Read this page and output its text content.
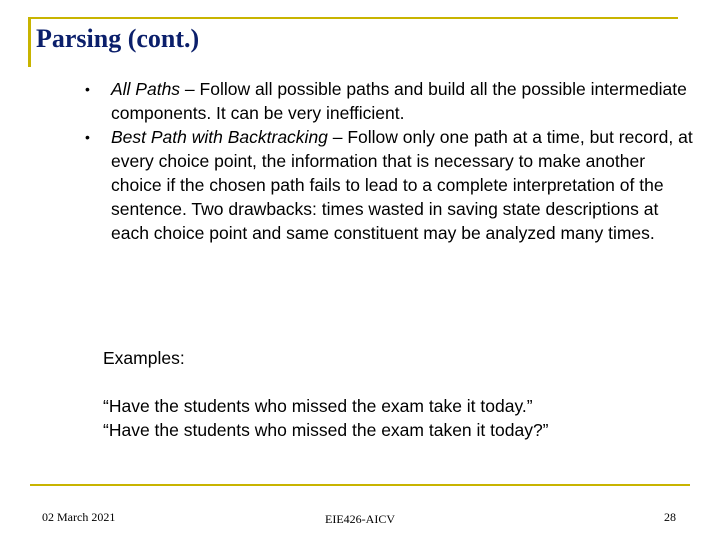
Parsing (cont.)
• All Paths – Follow all possible paths and build all the possible intermediate components. It can be very inefficient.
• Best Path with Backtracking – Follow only one path at a time, but record, at every choice point, the information that is necessary to make another choice if the chosen path fails to lead to a complete interpretation of the sentence. Two drawbacks: times wasted in saving state descriptions at each choice point and same constituent may be analyzed many times.
Examples:
“Have the students who missed the exam take it today.”
“Have the students who missed the exam taken it today?”
02 March 2021	EIE426-AICV	28
